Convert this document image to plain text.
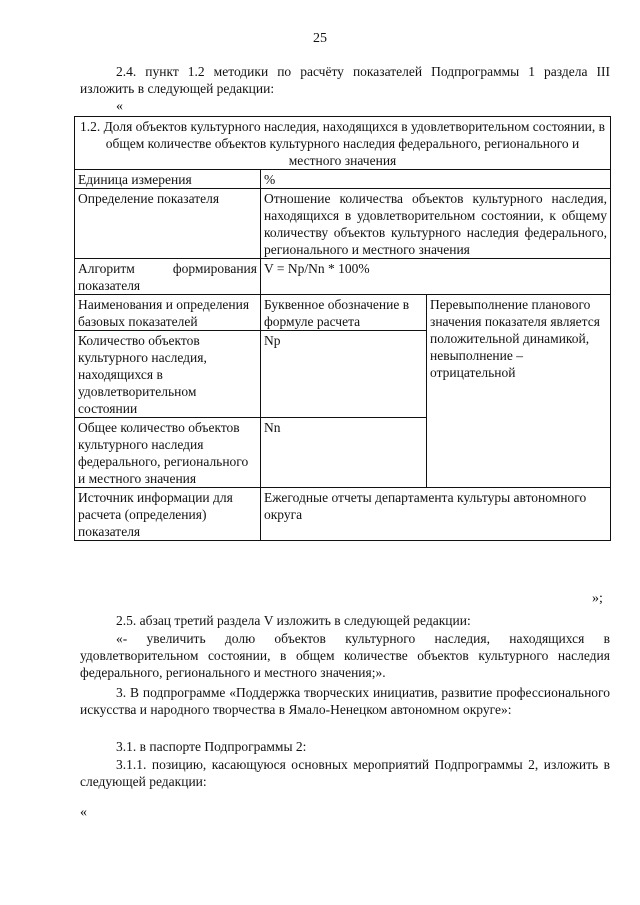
25
2.4. пункт 1.2 методики по расчёту показателей Подпрограммы 1 раздела III изложить в следующей редакции:
«
1.2. Доля объектов культурного наследия, находящихся в удовлетворительном состоянии, в общем количестве объектов культурного наследия федерального, регионального и местного значения		
Единица измерения	%	
Определение показателя	Отношение количества объектов культурного наследия, находящихся в удовлетворительном состоянии, к общему количеству объектов культурного наследия федерального, регионального и местного значения	
Алгоритм формирования показателя	V = Np/Nn * 100%	
Наименования и определения базовых показателей	Буквенное обозначение в формуле расчета	Перевыполнение планового значения показателя является положительной динамикой, невыполнение – отрицательной
Количество объектов культурного наследия, находящихся в удовлетворительном состоянии	Np	
Общее количество объектов культурного наследия федерального, регионального и местного значения	Nn	
Источник информации для расчета (определения) показателя	Ежегодные отчеты департамента культуры автономного округа	
»;
2.5. абзац третий раздела V изложить в следующей редакции:
«- увеличить долю объектов культурного наследия, находящихся в удовлетворительном состоянии, в общем количестве объектов культурного наследия федерального, регионального и местного значения;».
3. В подпрограмме «Поддержка творческих инициатив, развитие профессионального искусства и народного творчества в Ямало-Ненецком автономном округе»:
3.1. в паспорте Подпрограммы 2:
3.1.1. позицию, касающуюся основных мероприятий Подпрограммы 2, изложить в следующей редакции:
«
